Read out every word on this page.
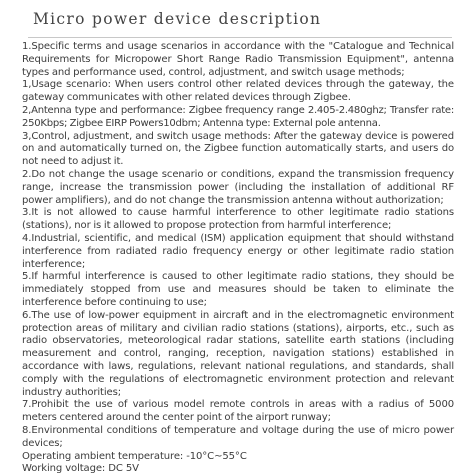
Micro power device description

1.Specific terms and usage scenarios in accordance with the "Catalogue and Technical Requirements for Micropower Short Range Radio Transmission Equipment", antenna types and performance used, control, adjustment, and switch usage methods;

1,Usage scenario: When users control other related devices through the gateway, the gateway communicates with other related devices through Zigbee.

2,Antenna type and performance: Zigbee frequency range 2.405-2.480ghz; Transfer rate: 250Kbps; Zigbee EIRP Powers10dbm; Antenna type: External pole antenna.

3,Control, adjustment, and switch usage methods: After the gateway device is powered on and automatically turned on, the Zigbee function automatically starts, and users do not need to adjust it.

2.Do not change the usage scenario or conditions, expand the transmission frequency range, increase the transmission power (including the installation of additional RF power amplifiers), and do not change the transmission antenna without authorization;

3.It is not allowed to cause harmful interference to other legitimate radio stations (stations), nor is it allowed to propose protection from harmful interference;

4.Industrial, scientific, and medical (ISM) application equipment that should withstand interference from radiated radio frequency energy or other legitimate radio station interference;

5.If harmful interference is caused to other legitimate radio stations, they should be immediately stopped from use and measures should be taken to eliminate the interference before continuing to use;

6.The use of low-power equipment in aircraft and in the electromagnetic environment protection areas of military and civilian radio stations (stations), airports, etc., such as radio observatories, meteorological radar stations, satellite earth stations (including measurement and control, ranging, reception, navigation stations) established in accordance with laws, regulations, relevant national regulations, and standards, shall comply with the regulations of electromagnetic environment protection and relevant industry authorities;

7.Prohibit the use of various model remote controls in areas with a radius of 5000 meters centered around the center point of the airport runway;

8.Environmental conditions of temperature and voltage during the use of micro power devices;

Operating ambient temperature: -10°C~55°C

Working voltage: DC 5V
